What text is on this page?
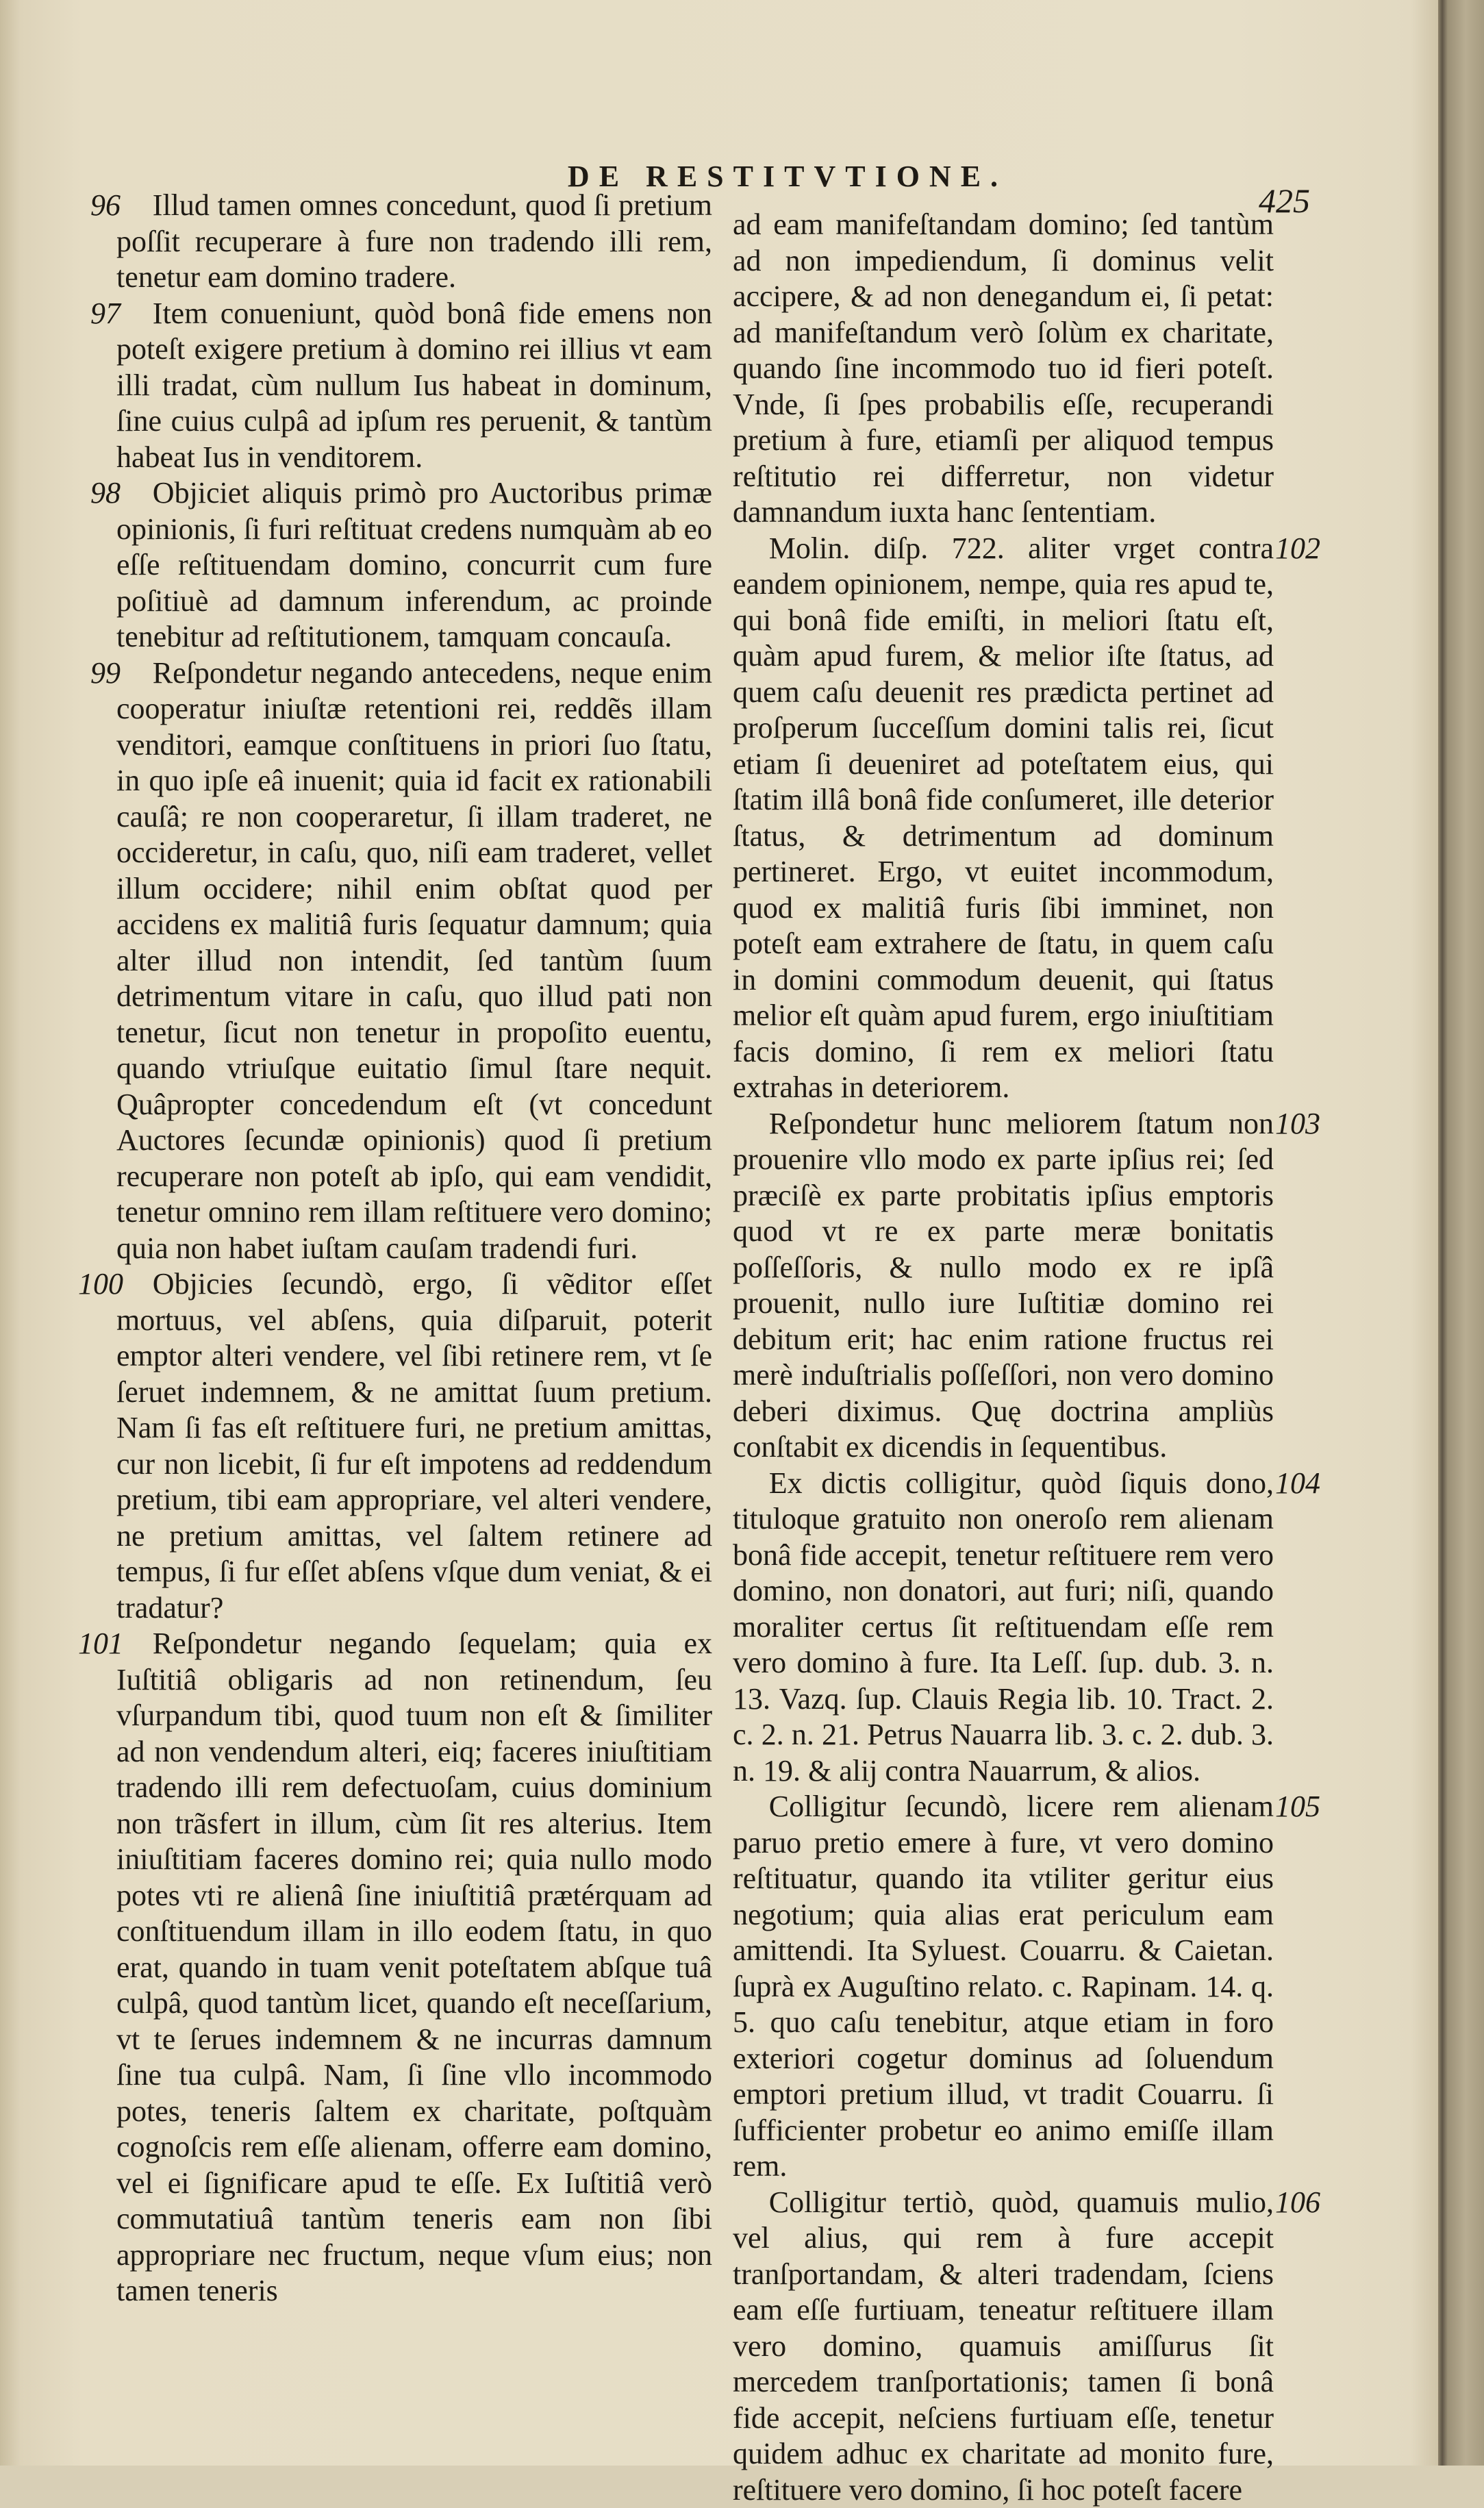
DE RESTITVTIONE.
425

Illud tamen omnes concedunt, quod ſi pretium poſſit recuperare à fure non tradendo illi rem, tenetur eam domino tradere.

Item conueniunt, quòd bonâ fide emens non poteſt exigere pretium à domino rei illius vt eam illi tradat, cùm nullum Ius habeat in dominum, ſine cuius culpâ ad ipſum res peruenit, & tantùm habeat Ius in venditorem.

Objiciet aliquis primò pro Auctoribus primæ opinionis, ſi furi reſtituat credens numquàm ab eo eſſe reſtituendam domino, concurrit cum fure poſitiuè ad damnum inferendum, ac proinde tenebitur ad reſtitutionem, tamquam concauſa.

Reſpondetur negando antecedens, neque enim cooperatur iniuſtæ retentioni rei, reddẽs illam venditori, eamque conſtituens in priori ſuo ſtatu, in quo ipſe eâ inuenit; quia id facit ex rationabili cauſâ; re non cooperaretur, ſi illam traderet, ne occideretur, in caſu, quo, niſi eam traderet, vellet illum occidere; nihil enim obſtat quod per accidens ex malitiâ furis ſequatur damnum; quia alter illud non intendit, ſed tantùm ſuum detrimentum vitare in caſu, quo illud pati non tenetur, ſicut non tenetur in propoſito euentu, quando vtriuſque euitatio ſimul ſtare nequit. Quâpropter concedendum eſt (vt concedunt Auctores ſecundæ opinionis) quod ſi pretium recuperare non poteſt ab ipſo, qui eam vendidit, tenetur omnino rem illam reſtituere vero domino; quia non habet iuſtam cauſam tradendi furi.

Objicies ſecundò, ergo, ſi vẽditor eſſet mortuus, vel abſens, quia diſparuit, poterit emptor alteri vendere, vel ſibi retinere rem, vt ſe ſeruet indemnem, & ne amittat ſuum pretium. Nam ſi fas eſt reſtituere furi, ne pretium amittas, cur non licebit, ſi fur eſt impotens ad reddendum pretium, tibi eam appropriare, vel alteri vendere, ne pretium amittas, vel ſaltem retinere ad tempus, ſi fur eſſet abſens vſque dum veniat, & ei tradatur?

Reſpondetur negando ſequelam; quia ex Iuſtitiâ obligaris ad non retinendum, ſeu vſurpandum tibi, quod tuum non eſt & ſimiliter ad non vendendum alteri, eiq; faceres iniuſtitiam tradendo illi rem defectuoſam, cuius dominium non trãsfert in illum, cùm ſit res alterius. Item iniuſtitiam faceres domino rei; quia nullo modo potes vti re alienâ ſine iniuſtitiâ prætérquam ad conſtituendum illam in illo eodem ſtatu, in quo erat, quando in tuam venit poteſtatem abſque tuâ culpâ, quod tantùm licet, quando eſt neceſſarium, vt te ſerues indemnem & ne incurras damnum ſine tua culpâ. Nam, ſi ſine vllo incommodo potes, teneris ſaltem ex charitate, poſtquàm cognoſcis rem eſſe alienam, offerre eam domino, vel ei ſignificare apud te eſſe. Ex Iuſtitiâ verò commutatiuâ tantùm teneris eam non ſibi appropriare nec fructum, neque vſum eius; non tamen teneris

ad eam manifeſtandam domino; ſed tantùm ad non impediendum, ſi dominus velit accipere, & ad non denegandum ei, ſi petat: ad manifeſtandum verò ſolùm ex charitate, quando ſine incommodo tuo id fieri poteſt. Vnde, ſi ſpes probabilis eſſe, recuperandi pretium à fure, etiamſi per aliquod tempus reſtitutio rei differretur, non videtur damnandum iuxta hanc ſententiam.

Molin. diſp. 722. aliter vrget contra eandem opinionem, nempe, quia res apud te, qui bonâ fide emiſti, in meliori ſtatu eſt, quàm apud furem, & melior iſte ſtatus, ad quem caſu deuenit res prædicta pertinet ad proſperum ſucceſſum domini talis rei, ſicut etiam ſi deueniret ad poteſtatem eius, qui ſtatim illâ bonâ fide conſumeret, ille deterior ſtatus, & detrimentum ad dominum pertineret. Ergo, vt euitet incommodum, quod ex malitiâ furis ſibi imminet, non poteſt eam extrahere de ſtatu, in quem caſu in domini commodum deuenit, qui ſtatus melior eſt quàm apud furem, ergo iniuſtitiam facis domino, ſi rem ex meliori ſtatu extrahas in deteriorem.

Reſpondetur hunc meliorem ſtatum non prouenire vllo modo ex parte ipſius rei; ſed præciſè ex parte probitatis ipſius emptoris quod vt re ex parte meræ bonitatis poſſeſſoris, & nullo modo ex re ipſâ prouenit, nullo iure Iuſtitiæ domino rei debitum erit; hac enim ratione fructus rei merè induſtrialis poſſeſſori, non vero domino deberi diximus. Quę doctrina ampliùs conſtabit ex dicendis in ſequentibus.

Ex dictis colligitur, quòd ſiquis dono, tituloque gratuito non oneroſo rem alienam bonâ fide accepit, tenetur reſtituere rem vero domino, non donatori, aut furi; niſi, quando moraliter certus ſit reſtituendam eſſe rem vero domino à fure. Ita Leſſ. ſup. dub. 3. n. 13. Vazq. ſup. Clauis Regia lib. 10. Tract. 2. c. 2. n. 21. Petrus Nauarra lib. 3. c. 2. dub. 3. n. 19. & alij contra Nauarrum, & alios.

Colligitur ſecundò, licere rem alienam paruo pretio emere à fure, vt vero domino reſtituatur, quando ita vtiliter geritur eius negotium; quia alias erat periculum eam amittendi. Ita Syluest. Couarru. & Caietan. ſuprà ex Auguſtino relato. c. Rapinam. 14. q. 5. quo caſu tenebitur, atque etiam in foro exteriori cogetur dominus ad ſoluendum emptori pretium illud, vt tradit Couarru. ſi ſufficienter probetur eo animo emiſſe illam rem.

Colligitur tertiò, quòd, quamuis mulio, vel alius, qui rem à fure accepit tranſportandam, & alteri tradendam, ſciens eam eſſe furtiuam, teneatur reſtituere illam vero domino, quamuis amiſſurus ſit mercedem tranſportationis; tamen ſi bonâ fide accepit, neſciens furtiuam eſſe, tenetur quidem adhuc ex charitate ad monito fure, reſtituere vero domino, ſi hoc poteſt facere

96
97
98
99
100
101
102
103
104
105
106
